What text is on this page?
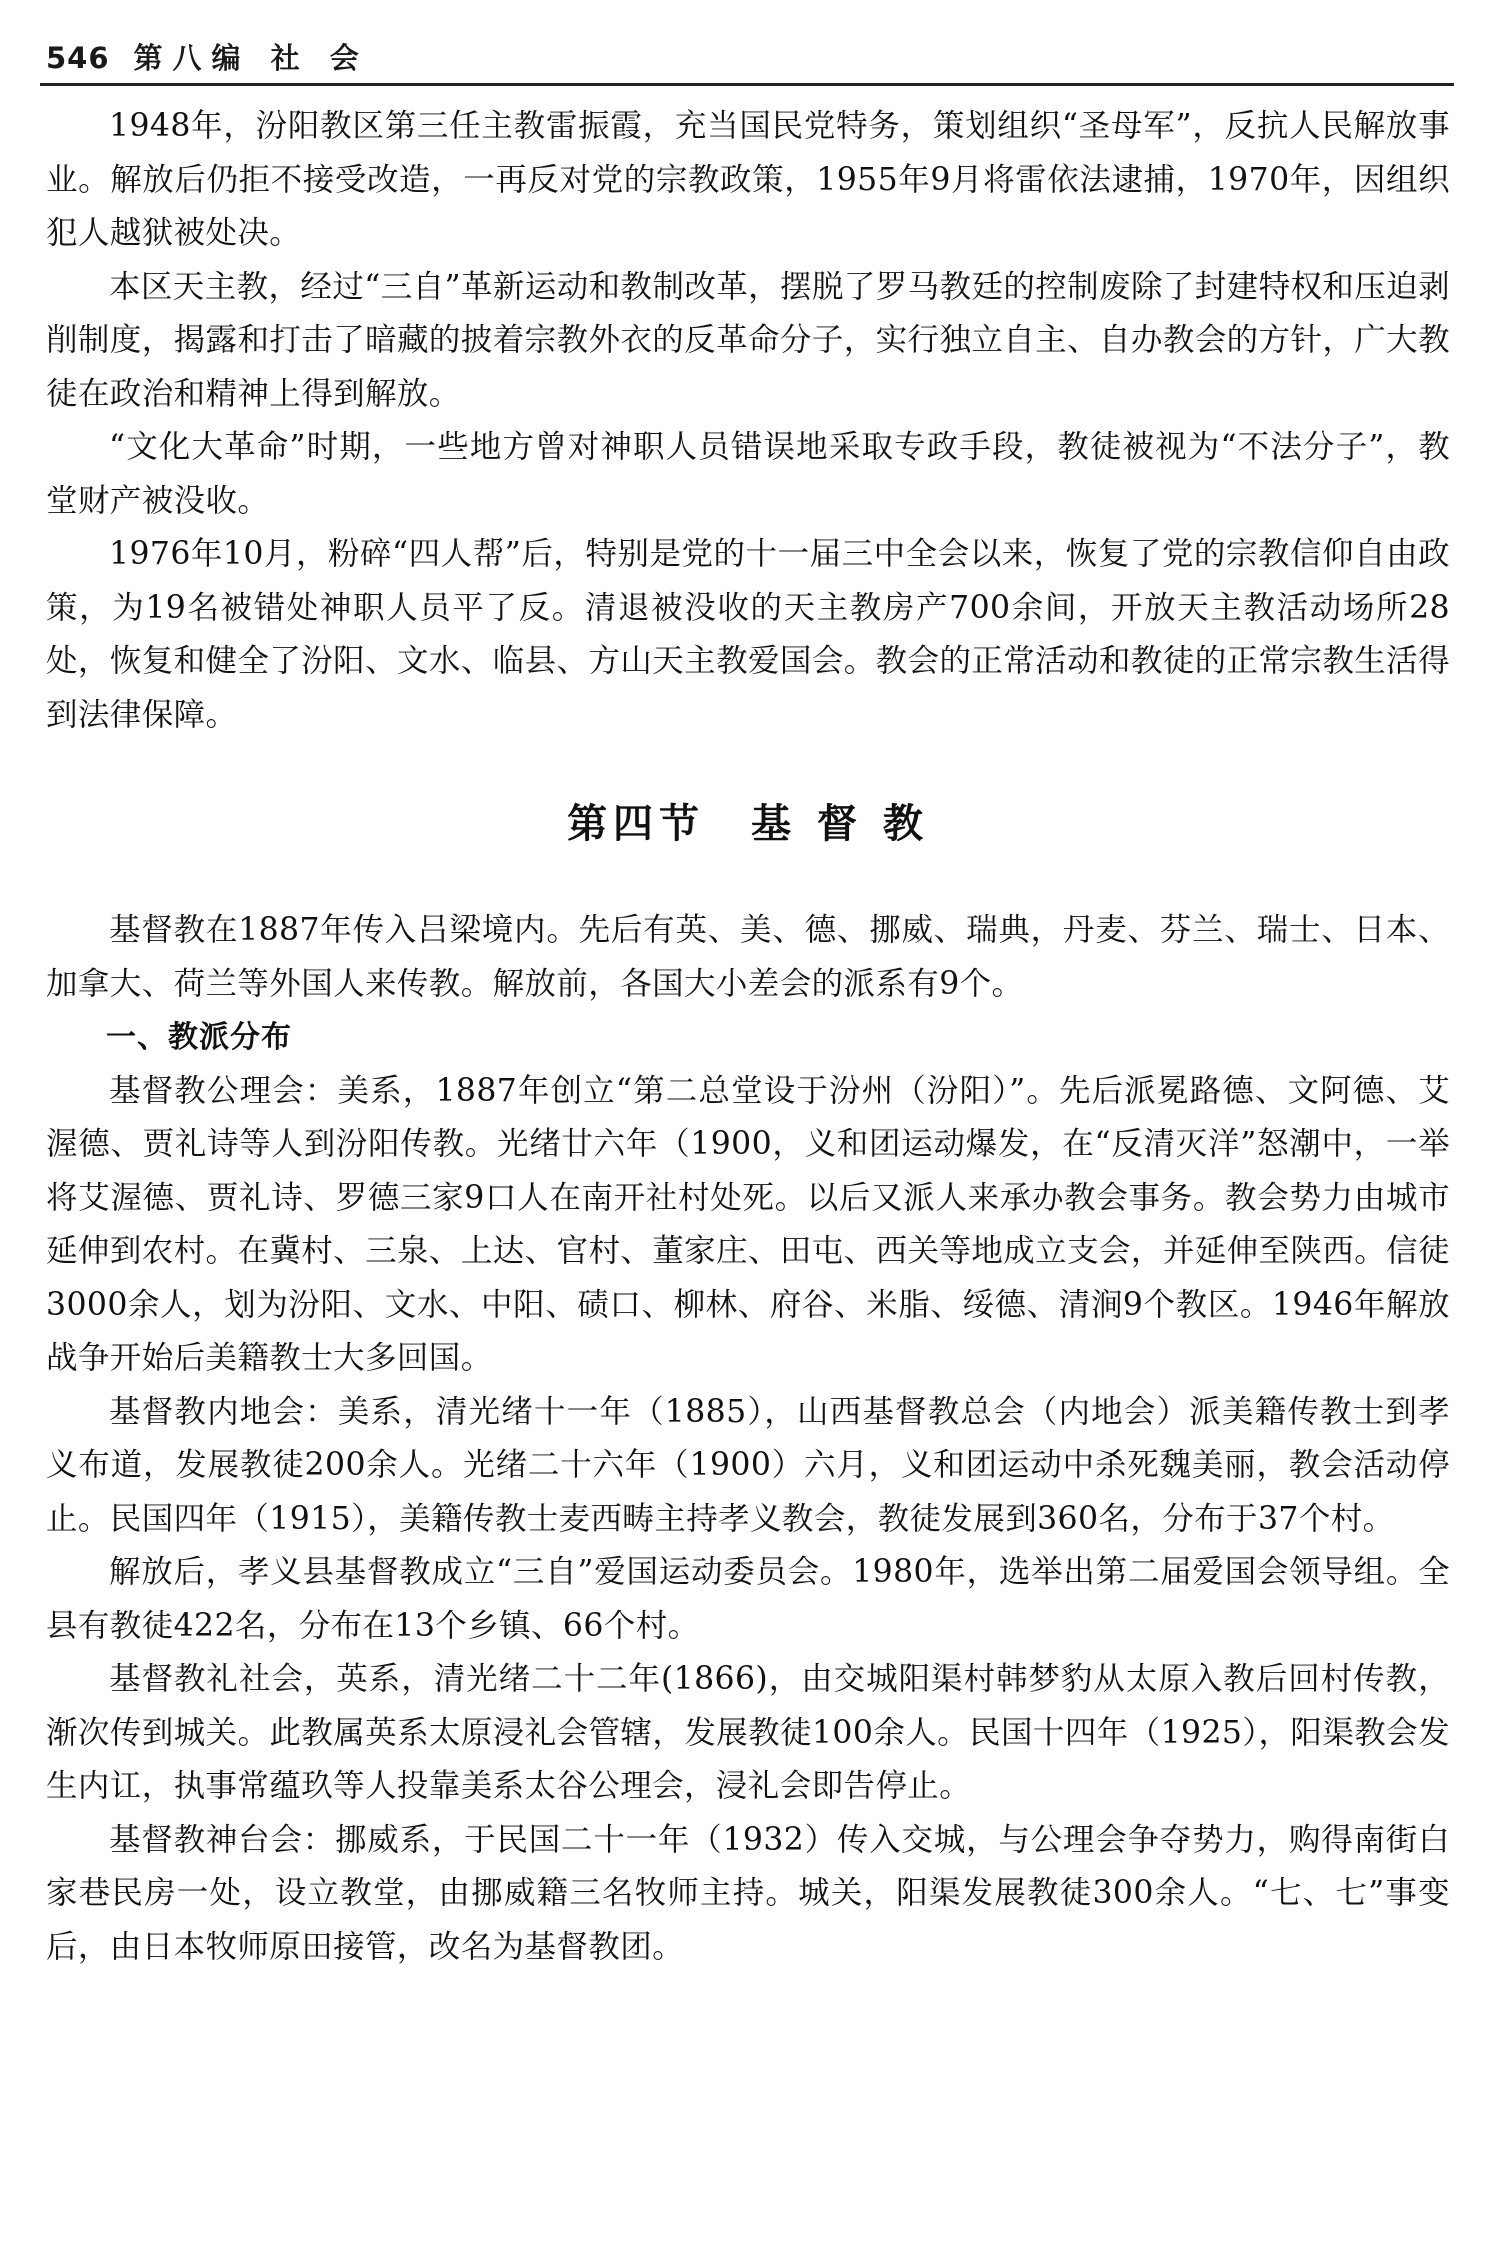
546 第八编 社 会

1948年，汾阳教区第三任主教雷振霞，充当国民党特务，策划组织“圣母军”，反抗人民解放事业。解放后仍拒不接受改造，一再反对党的宗教政策，1955年9月将雷依法逮捕，1970年，因组织犯人越狱被处决。

本区天主教，经过“三自”革新运动和教制改革，摆脱了罗马教廷的控制废除了封建特权和压迫剥削制度，揭露和打击了暗藏的披着宗教外衣的反革命分子，实行独立自主、自办教会的方针，广大教徒在政治和精神上得到解放。

“文化大革命”时期，一些地方曾对神职人员错误地采取专政手段，教徒被视为“不法分子”，教堂财产被没收。

1976年10月，粉碎“四人帮”后，特别是党的十一届三中全会以来，恢复了党的宗教信仰自由政策，为19名被错处神职人员平了反。清退被没收的天主教房产700余间，开放天主教活动场所28处，恢复和健全了汾阳、文水、临县、方山天主教爱国会。教会的正常活动和教徒的正常宗教生活得到法律保障。

第四节　基 督 教

基督教在1887年传入吕梁境内。先后有英、美、德、挪威、瑞典，丹麦、芬兰、瑞士、日本、加拿大、荷兰等外国人来传教。解放前，各国大小差会的派系有9个。

一、教派分布

基督教公理会：美系，1887年创立“第二总堂设于汾州（汾阳）”。先后派冕路德、文阿德、艾渥德、贾礼诗等人到汾阳传教。光绪廿六年（1900，义和团运动爆发，在“反清灭洋”怒潮中，一举将艾渥德、贾礼诗、罗德三家9口人在南开社村处死。以后又派人来承办教会事务。教会势力由城市延伸到农村。在冀村、三泉、上达、官村、董家庄、田屯、西关等地成立支会，并延伸至陕西。信徒3000余人，划为汾阳、文水、中阳、碛口、柳林、府谷、米脂、绥德、清涧9个教区。1946年解放战争开始后美籍教士大多回国。

基督教内地会：美系，清光绪十一年（1885），山西基督教总会（内地会）派美籍传教士到孝义布道，发展教徒200余人。光绪二十六年（1900）六月，义和团运动中杀死魏美丽，教会活动停止。民国四年（1915），美籍传教士麦西畴主持孝义教会，教徒发展到360名，分布于37个村。

解放后，孝义县基督教成立“三自”爱国运动委员会。1980年，选举出第二届爱国会领导组。全县有教徒422名，分布在13个乡镇、66个村。

基督教礼社会，英系，清光绪二十二年(1866)，由交城阳渠村韩梦豹从太原入教后回村传教，渐次传到城关。此教属英系太原浸礼会管辖，发展教徒100余人。民国十四年（1925），阳渠教会发生内讧，执事常蕴玖等人投靠美系太谷公理会，浸礼会即告停止。

基督教神台会：挪威系，于民国二十一年（1932）传入交城，与公理会争夺势力，购得南街白家巷民房一处，设立教堂，由挪威籍三名牧师主持。城关，阳渠发展教徒300余人。“七、七”事变后，由日本牧师原田接管，改名为基督教团。
